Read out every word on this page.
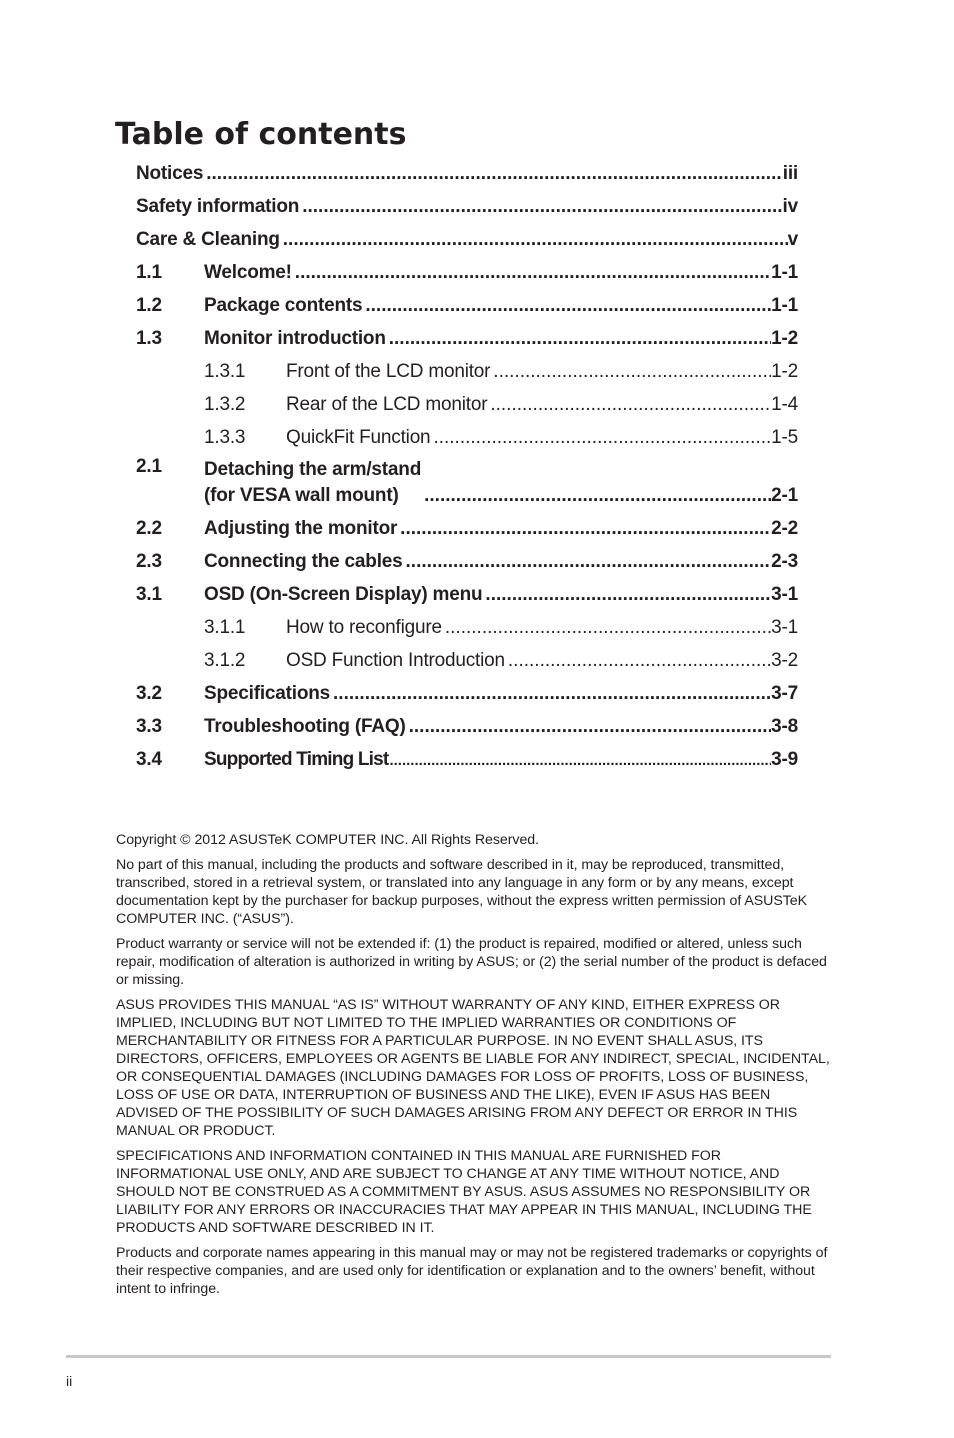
Table of contents
Notices .....	iii
Safety information .....	iv
Care & Cleaning .....	v
1.1	Welcome! .....	1-1
1.2	Package contents .....	1-1
1.3	Monitor introduction .....	1-2
1.3.1	Front of the LCD monitor .....	1-2
1.3.2	Rear of the LCD monitor .....	1-4
1.3.3	QuickFit Function .....	1-5
2.1	Detaching the arm/stand
(for VESA wall mount) .....	2-1
2.2	Adjusting the monitor .....	2-2
2.3	Connecting the cables .....	2-3
3.1	OSD (On-Screen Display) menu .....	3-1
3.1.1	How to reconfigure .....	3-1
3.1.2	OSD Function Introduction .....	3-2
3.2	Specifications .....	3-7
3.3	Troubleshooting (FAQ) .....	3-8
3.4	Supported Timing List .....	3-9

Copyright © 2012 ASUSTeK COMPUTER INC. All Rights Reserved.

No part of this manual, including the products and software described in it, may be reproduced, transmitted, transcribed, stored in a retrieval system, or translated into any language in any form or by any means, except documentation kept by the purchaser for backup purposes, without the express written permission of ASUSTeK COMPUTER INC. (“ASUS”).

Product warranty or service will not be extended if: (1) the product is repaired, modified or altered, unless such repair, modification of alteration is authorized in writing by ASUS; or (2) the serial number of the product is defaced or missing.

ASUS PROVIDES THIS MANUAL “AS IS” WITHOUT WARRANTY OF ANY KIND, EITHER EXPRESS OR IMPLIED, INCLUDING BUT NOT LIMITED TO THE IMPLIED WARRANTIES OR CONDITIONS OF MERCHANTABILITY OR FITNESS FOR A PARTICULAR PURPOSE. IN NO EVENT SHALL ASUS, ITS DIRECTORS, OFFICERS, EMPLOYEES OR AGENTS BE LIABLE FOR ANY INDIRECT, SPECIAL, INCIDENTAL, OR CONSEQUENTIAL DAMAGES (INCLUDING DAMAGES FOR LOSS OF PROFITS, LOSS OF BUSINESS, LOSS OF USE OR DATA, INTERRUPTION OF BUSINESS AND THE LIKE), EVEN IF ASUS HAS BEEN ADVISED OF THE POSSIBILITY OF SUCH DAMAGES ARISING FROM ANY DEFECT OR ERROR IN THIS MANUAL OR PRODUCT.

SPECIFICATIONS AND INFORMATION CONTAINED IN THIS MANUAL ARE FURNISHED FOR INFORMATIONAL USE ONLY, AND ARE SUBJECT TO CHANGE AT ANY TIME WITHOUT NOTICE, AND SHOULD NOT BE CONSTRUED AS A COMMITMENT BY ASUS. ASUS ASSUMES NO RESPONSIBILITY OR LIABILITY FOR ANY ERRORS OR INACCURACIES THAT MAY APPEAR IN THIS MANUAL, INCLUDING THE PRODUCTS AND SOFTWARE DESCRIBED IN IT.

Products and corporate names appearing in this manual may or may not be registered trademarks or copyrights of their respective companies, and are used only for identification or explanation and to the owners’ benefit, without intent to infringe.

ii
